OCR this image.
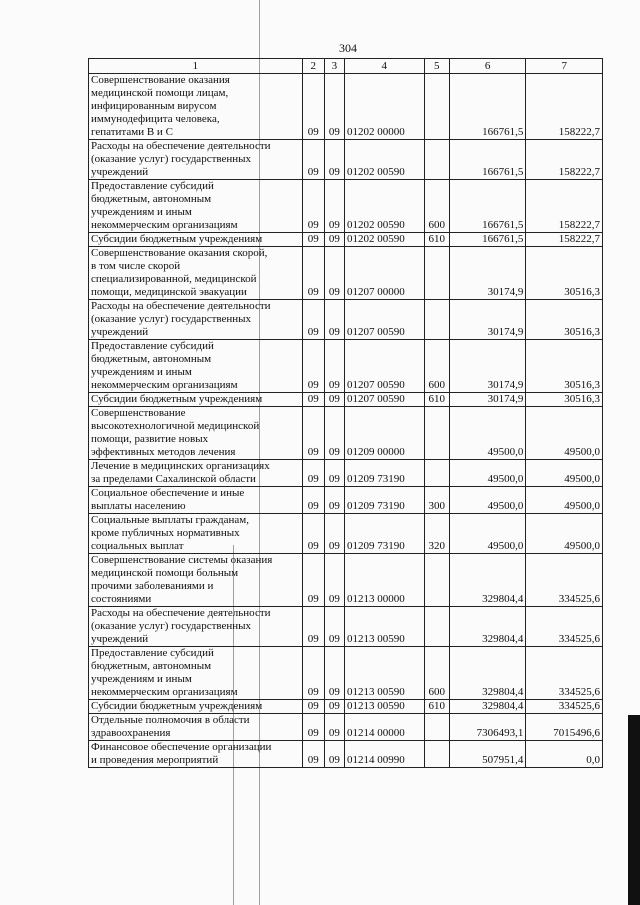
304
1	2	3	4	5	6	7
Совершенствование оказания
медицинской помощи лицам,
инфицированным вирусом
иммунодефицита человека,
гепатитами В и С	09	09	01202 00000		166761,5	158222,7
Расходы на обеспечение деятельности
(оказание услуг) государственных
учреждений	09	09	01202 00590		166761,5	158222,7
Предоставление субсидий
бюджетным, автономным
учреждениям и иным
некоммерческим организациям	09	09	01202 00590	600	166761,5	158222,7
Субсидии бюджетным учреждениям	09	09	01202 00590	610	166761,5	158222,7
Совершенствование оказания скорой,
в том числе скорой
специализированной, медицинской
помощи, медицинской эвакуации	09	09	01207 00000		30174,9	30516,3
Расходы на обеспечение деятельности
(оказание услуг) государственных
учреждений	09	09	01207 00590		30174,9	30516,3
Предоставление субсидий
бюджетным, автономным
учреждениям и иным
некоммерческим организациям	09	09	01207 00590	600	30174,9	30516,3
Субсидии бюджетным учреждениям	09	09	01207 00590	610	30174,9	30516,3
Совершенствование
высокотехнологичной медицинской
помощи, развитие новых
эффективных методов лечения	09	09	01209 00000		49500,0	49500,0
Лечение в медицинских организациях
за пределами Сахалинской области	09	09	01209 73190		49500,0	49500,0
Социальное обеспечение и иные
выплаты населению	09	09	01209 73190	300	49500,0	49500,0
Социальные выплаты гражданам,
кроме публичных нормативных
социальных выплат	09	09	01209 73190	320	49500,0	49500,0
Совершенствование системы оказания
медицинской помощи больным
прочими заболеваниями и
состояниями	09	09	01213 00000		329804,4	334525,6
Расходы на обеспечение деятельности
(оказание услуг) государственных
учреждений	09	09	01213 00590		329804,4	334525,6
Предоставление субсидий
бюджетным, автономным
учреждениям и иным
некоммерческим организациям	09	09	01213 00590	600	329804,4	334525,6
Субсидии бюджетным учреждениям	09	09	01213 00590	610	329804,4	334525,6
Отдельные полномочия в области
здравоохранения	09	09	01214 00000		7306493,1	7015496,6
Финансовое обеспечение организации
и проведения мероприятий	09	09	01214 00990		507951,4	0,0
